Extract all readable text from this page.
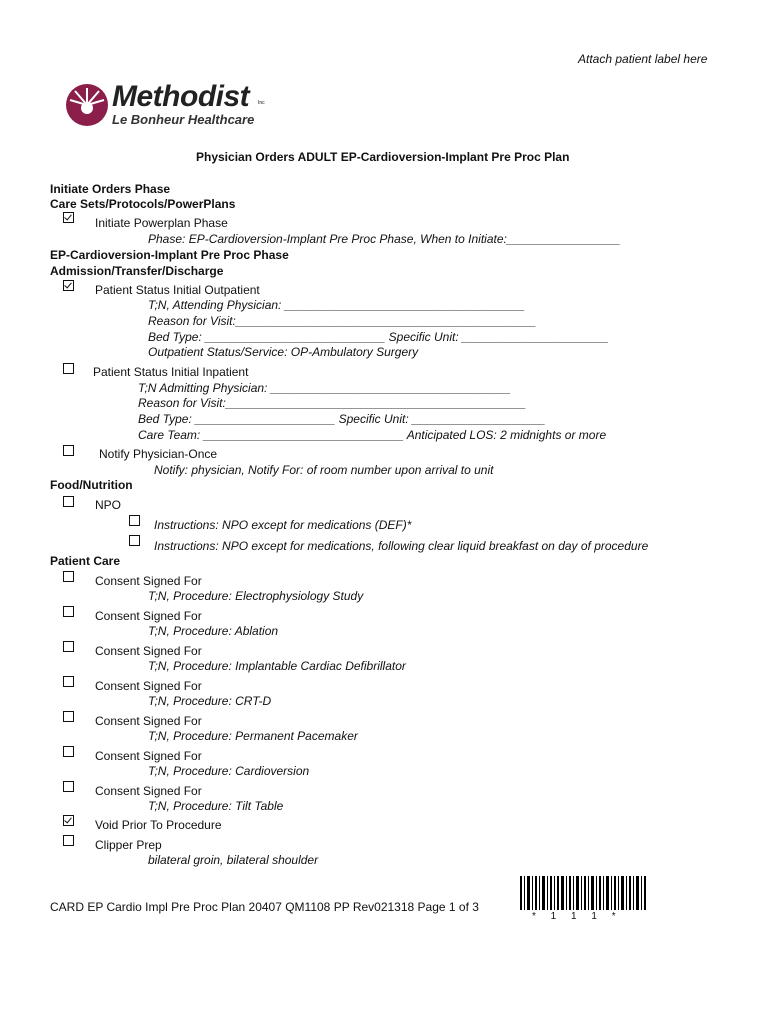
Attach patient label here
Methodist Inc
Le Bonheur Healthcare
Physician Orders ADULT EP-Cardioversion-Implant Pre Proc Plan
Initiate Orders Phase
Care Sets/Protocols/PowerPlans
Initiate Powerplan Phase
Phase: EP-Cardioversion-Implant Pre Proc Phase, When to Initiate:_________________
EP-Cardioversion-Implant Pre Proc Phase
Admission/Transfer/Discharge
Patient Status Initial Outpatient
T;N, Attending Physician: ____________________________________
Reason for Visit:_____________________________________________
Bed Type: ___________________________ Specific Unit: ______________________
Outpatient Status/Service: OP-Ambulatory Surgery
Patient Status Initial Inpatient
T;N Admitting Physician: ____________________________________
Reason for Visit:_____________________________________________
Bed Type: _____________________ Specific Unit: ____________________
Care Team: ______________________________ Anticipated LOS: 2 midnights or more
Notify Physician-Once
Notify: physician, Notify For: of room number upon arrival to unit
Food/Nutrition
NPO
Instructions: NPO except for medications (DEF)*
Instructions: NPO except for medications, following clear liquid breakfast on day of procedure
Patient Care
Consent Signed For
T;N, Procedure: Electrophysiology Study
Consent Signed For
T;N, Procedure: Ablation
Consent Signed For
T;N, Procedure: Implantable Cardiac Defibrillator
Consent Signed For
T;N, Procedure: CRT-D
Consent Signed For
T;N, Procedure: Permanent Pacemaker
Consent Signed For
T;N, Procedure: Cardioversion
Consent Signed For
T;N, Procedure: Tilt Table
Void Prior To Procedure
Clipper Prep
bilateral groin, bilateral shoulder
CARD EP Cardio Impl Pre Proc Plan 20407 QM1108 PP Rev021318 Page 1 of 3
* 1 1 1 *
